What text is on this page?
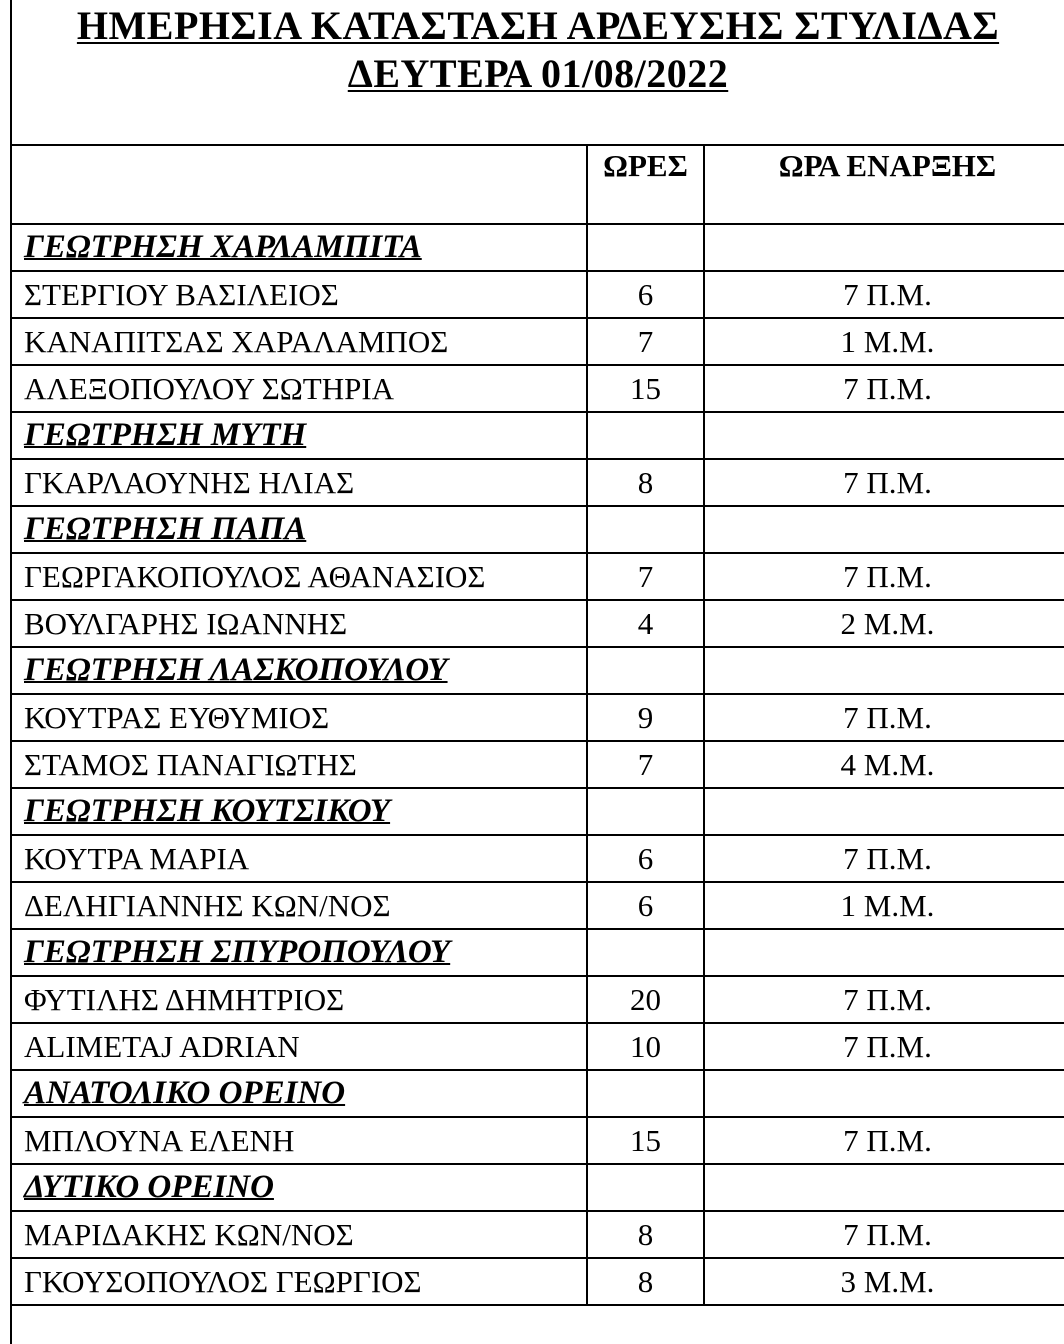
ΗΜΕΡΗΣΙΑ ΚΑΤΑΣΤΑΣΗ ΑΡΔΕΥΣΗΣ ΣΤΥΛΙΔΑΣ
ΔΕΥΤΕΡΑ 01/08/2022
	ΩΡΕΣ	ΩΡΑ ΕΝΑΡΞΗΣ
ΓΕΩΤΡΗΣΗ ΧΑΡΛΑΜΠΙΤΑ		
ΣΤΕΡΓΙΟΥ ΒΑΣΙΛΕΙΟΣ	6	7 Π.Μ.
ΚΑΝΑΠΙΤΣΑΣ ΧΑΡΑΛΑΜΠΟΣ	7	1 Μ.Μ.
ΑΛΕΞΟΠΟΥΛΟΥ ΣΩΤΗΡΙΑ	15	7 Π.Μ.
ΓΕΩΤΡΗΣΗ ΜΥΤΗ		
ΓΚΑΡΛΑΟΥΝΗΣ ΗΛΙΑΣ	8	7 Π.Μ.
ΓΕΩΤΡΗΣΗ ΠΑΠΑ		
ΓΕΩΡΓΑΚΟΠΟΥΛΟΣ ΑΘΑΝΑΣΙΟΣ	7	7 Π.Μ.
ΒΟΥΛΓΑΡΗΣ ΙΩΑΝΝΗΣ	4	2 Μ.Μ.
ΓΕΩΤΡΗΣΗ ΛΑΣΚΟΠΟΥΛΟΥ		
ΚΟΥΤΡΑΣ ΕΥΘΥΜΙΟΣ	9	7 Π.Μ.
ΣΤΑΜΟΣ ΠΑΝΑΓΙΩΤΗΣ	7	4 Μ.Μ.
ΓΕΩΤΡΗΣΗ ΚΟΥΤΣΙΚΟΥ		
ΚΟΥΤΡΑ ΜΑΡΙΑ	6	7 Π.Μ.
ΔΕΛΗΓΙΑΝΝΗΣ ΚΩΝ/ΝΟΣ	6	1 Μ.Μ.
ΓΕΩΤΡΗΣΗ ΣΠΥΡΟΠΟΥΛΟΥ		
ΦΥΤΙΛΗΣ ΔΗΜΗΤΡΙΟΣ	20	7 Π.Μ.
ALIMETAJ ADRIAN	10	7 Π.Μ.
ΑΝΑΤΟΛΙΚΟ ΟΡΕΙΝΟ		
ΜΠΛΟΥΝΑ ΕΛΕΝΗ	15	7 Π.Μ.
ΔΥΤΙΚΟ ΟΡΕΙΝΟ		
ΜΑΡΙΔΑΚΗΣ ΚΩΝ/ΝΟΣ	8	7 Π.Μ.
ΓΚΟΥΣΟΠΟΥΛΟΣ ΓΕΩΡΓΙΟΣ	8	3 Μ.Μ.
